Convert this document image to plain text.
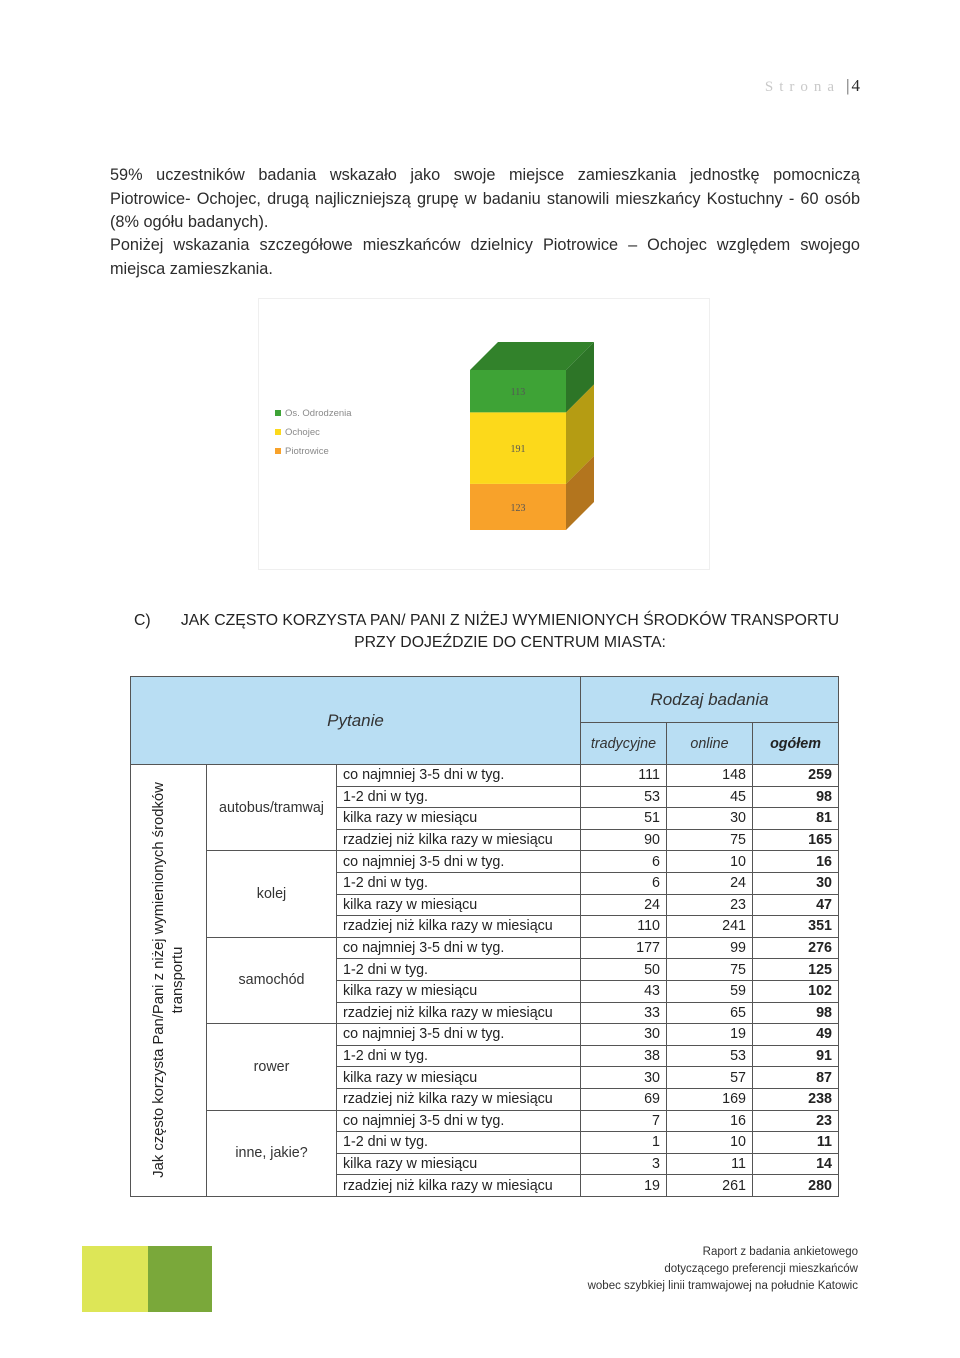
Strona | 4
59% uczestników badania wskazało jako swoje miejsce zamieszkania jednostkę pomocniczą Piotrowice- Ochojec, drugą najliczniejszą grupę w badaniu stanowili mieszkańcy Kostuchny - 60 osób (8% ogółu badanych).
Poniżej wskazania szczegółowe mieszkańców dzielnicy Piotrowice – Ochojec względem swojego miejsca zamieszkania.
Os. Odrodzenia
Ochojec
Piotrowice
123
191
113
C)	JAK CZĘSTO KORZYSTA PAN/ PANI Z NIŻEJ WYMIENIONYCH ŚRODKÓW TRANSPORTU PRZY DOJEŹDZIE DO CENTRUM MIASTA:
Pytanie			Rodzaj badania		
			tradycyjne	online	ogółem

Jak często korzysta Pan/Pani z niżej wymienionych środków transportu	autobus/tramwaj	co najmniej 3-5 dni w tyg.	111	148	259
		1-2 dni w tyg.	53	45	98
		kilka razy w miesiącu	51	30	81
		rzadziej niż kilka razy w miesiącu	90	75	165
	kolej	co najmniej 3-5 dni w tyg.	6	10	16
		1-2 dni w tyg.	6	24	30
		kilka razy w miesiącu	24	23	47
		rzadziej niż kilka razy w miesiącu	110	241	351
	samochód	co najmniej 3-5 dni w tyg.	177	99	276
		1-2 dni w tyg.	50	75	125
		kilka razy w miesiącu	43	59	102
		rzadziej niż kilka razy w miesiącu	33	65	98
	rower	co najmniej 3-5 dni w tyg.	30	19	49
		1-2 dni w tyg.	38	53	91
		kilka razy w miesiącu	30	57	87
		rzadziej niż kilka razy w miesiącu	69	169	238
	inne, jakie?	co najmniej 3-5 dni w tyg.	7	16	23
		1-2 dni w tyg.	1	10	11
		kilka razy w miesiącu	3	11	14
		rzadziej niż kilka razy w miesiącu	19	261	280
Raport z badania ankietowego
dotyczącego preferencji mieszkańców
wobec szybkiej linii tramwajowej na południe Katowic
